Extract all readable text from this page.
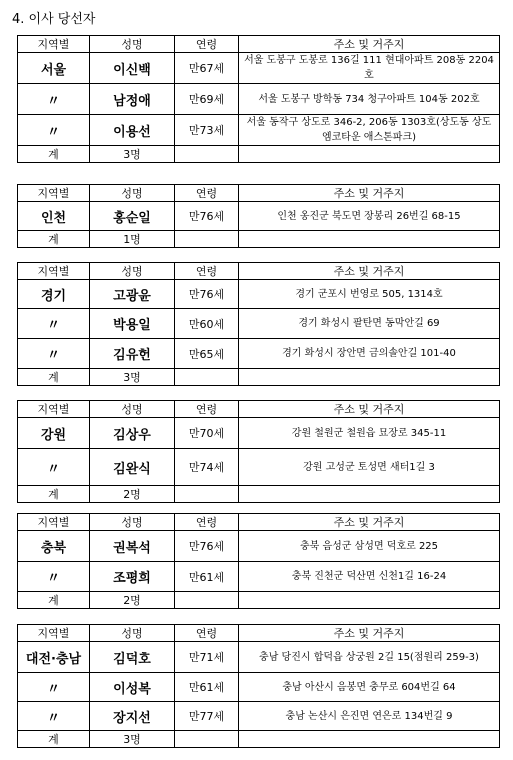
4. 이사 당선자
지역별	성명	연령	주소 및 거주지
서울	이신백	만67세	서울 도봉구 도봉로 136길 111 현대아파트 208동 2204호
〃	남정애	만69세	서울 도봉구 방학동 734 청구아파트 104동 202호
〃	이용선	만73세	서울 동작구 상도로 346-2, 206동 1303호(상도동 상도엠코타운 애스톤파크)
계	3명		
지역별	성명	연령	주소 및 거주지
인천	홍순일	만76세	인천 옹진군 북도면 장봉리 26번길 68-15
계	1명		
지역별	성명	연령	주소 및 거주지
경기	고광윤	만76세	경기 군포시 번영로 505, 1314호
〃	박용일	만60세	경기 화성시 팔탄면 동막안길 69
〃	김유헌	만65세	경기 화성시 장안면 금의솔안길 101-40
계	3명		
지역별	성명	연령	주소 및 거주지
강원	김상우	만70세	강원 철원군 철원읍 묘장로 345-11
〃	김완식	만74세	강원 고성군 토성면 새터1길 3
계	2명		
지역별	성명	연령	주소 및 거주지
충북	권복석	만76세	충북 음성군 삼성면 덕호로 225
〃	조평희	만61세	충북 진천군 덕산면 신천1길 16-24
계	2명		
지역별	성명	연령	주소 및 거주지
대전·충남	김덕호	만71세	충남 당진시 합덕읍 상궁원 2길 15(점원리 259-3)
〃	이성복	만61세	충남 아산시 음봉면 충무로 604번길 64
〃	장지선	만77세	충남 논산시 은진면 연은로 134번길 9
계	3명		
